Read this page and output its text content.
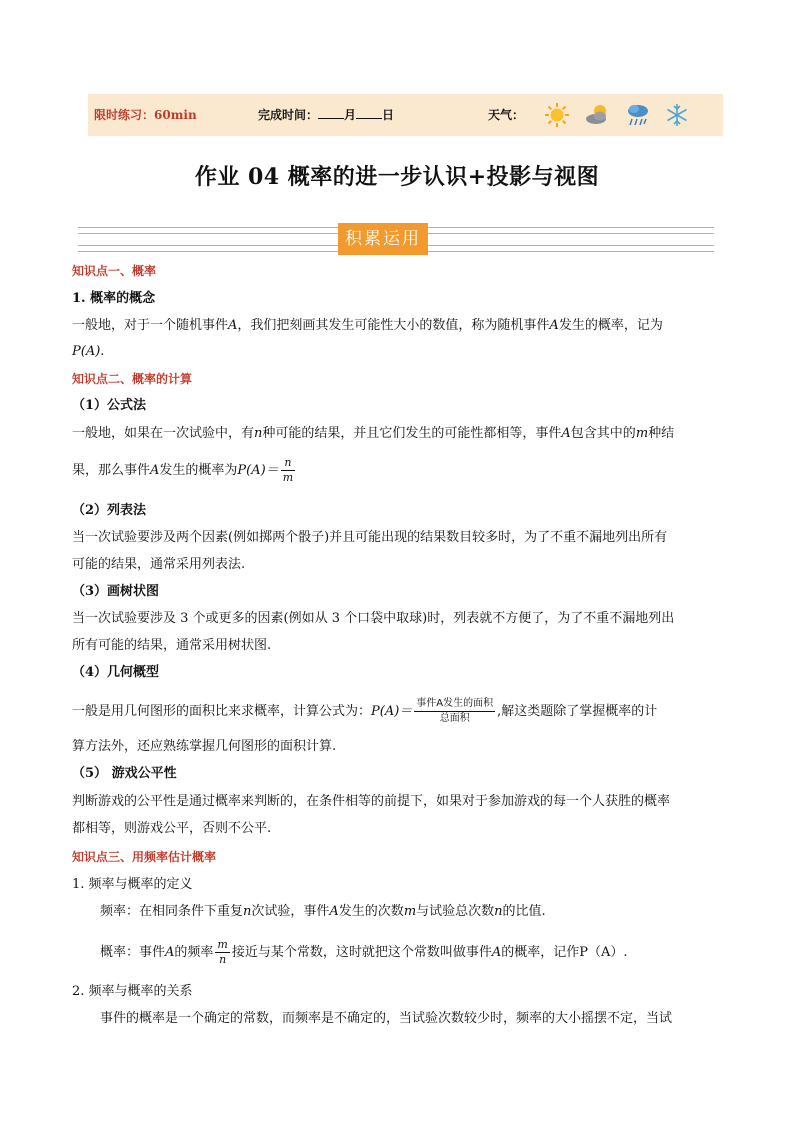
限时练习：60min	完成时间： 月 日	天气：
作业 04 概率的进一步认识+投影与视图
积累运用
知识点一、概率
1. 概率的概念
一般地，对于一个随机事件A，我们把刻画其发生可能性大小的数值，称为随机事件A发生的概率，记为
P(A).
知识点二、概率的计算
（1）公式法
一般地，如果在一次试验中，有n种可能的结果，并且它们发生的可能性都相等，事件A包含其中的m种结
果，那么事件A发生的概率为$P(A)= \frac{n}{m}$
（2）列表法
当一次试验要涉及两个因素(例如掷两个骰子)并且可能出现的结果数目较多时，为了不重不漏地列出所有
可能的结果，通常采用列表法.
（3）画树状图
当一次试验要涉及 3 个或更多的因素(例如从 3 个口袋中取球)时，列表就不方便了，为了不重不漏地列出
所有可能的结果，通常采用树状图.
（4）几何概型
一般是用几何图形的面积比来求概率，计算公式为：$P(A)= \frac{\text{事件A发生的面积}}{\text{总面积}}$ ,解这类题除了掌握概率的计
算方法外，还应熟练掌握几何图形的面积计算.
（5） 游戏公平性
判断游戏的公平性是通过概率来判断的，在条件相等的前提下，如果对于参加游戏的每一个人获胜的概率
都相等，则游戏公平，否则不公平.
知识点三、用频率估计概率
1. 频率与概率的定义
频率：在相同条件下重复n次试验，事件A发生的次数m与试验总次数n的比值.
概率：事件A的频率 $\frac{m}{n}$ 接近与某个常数，这时就把这个常数叫做事件A的概率，记作P（A）.
2. 频率与概率的关系
事件的概率是一个确定的常数，而频率是不确定的，当试验次数较少时，频率的大小摇摆不定，当试
